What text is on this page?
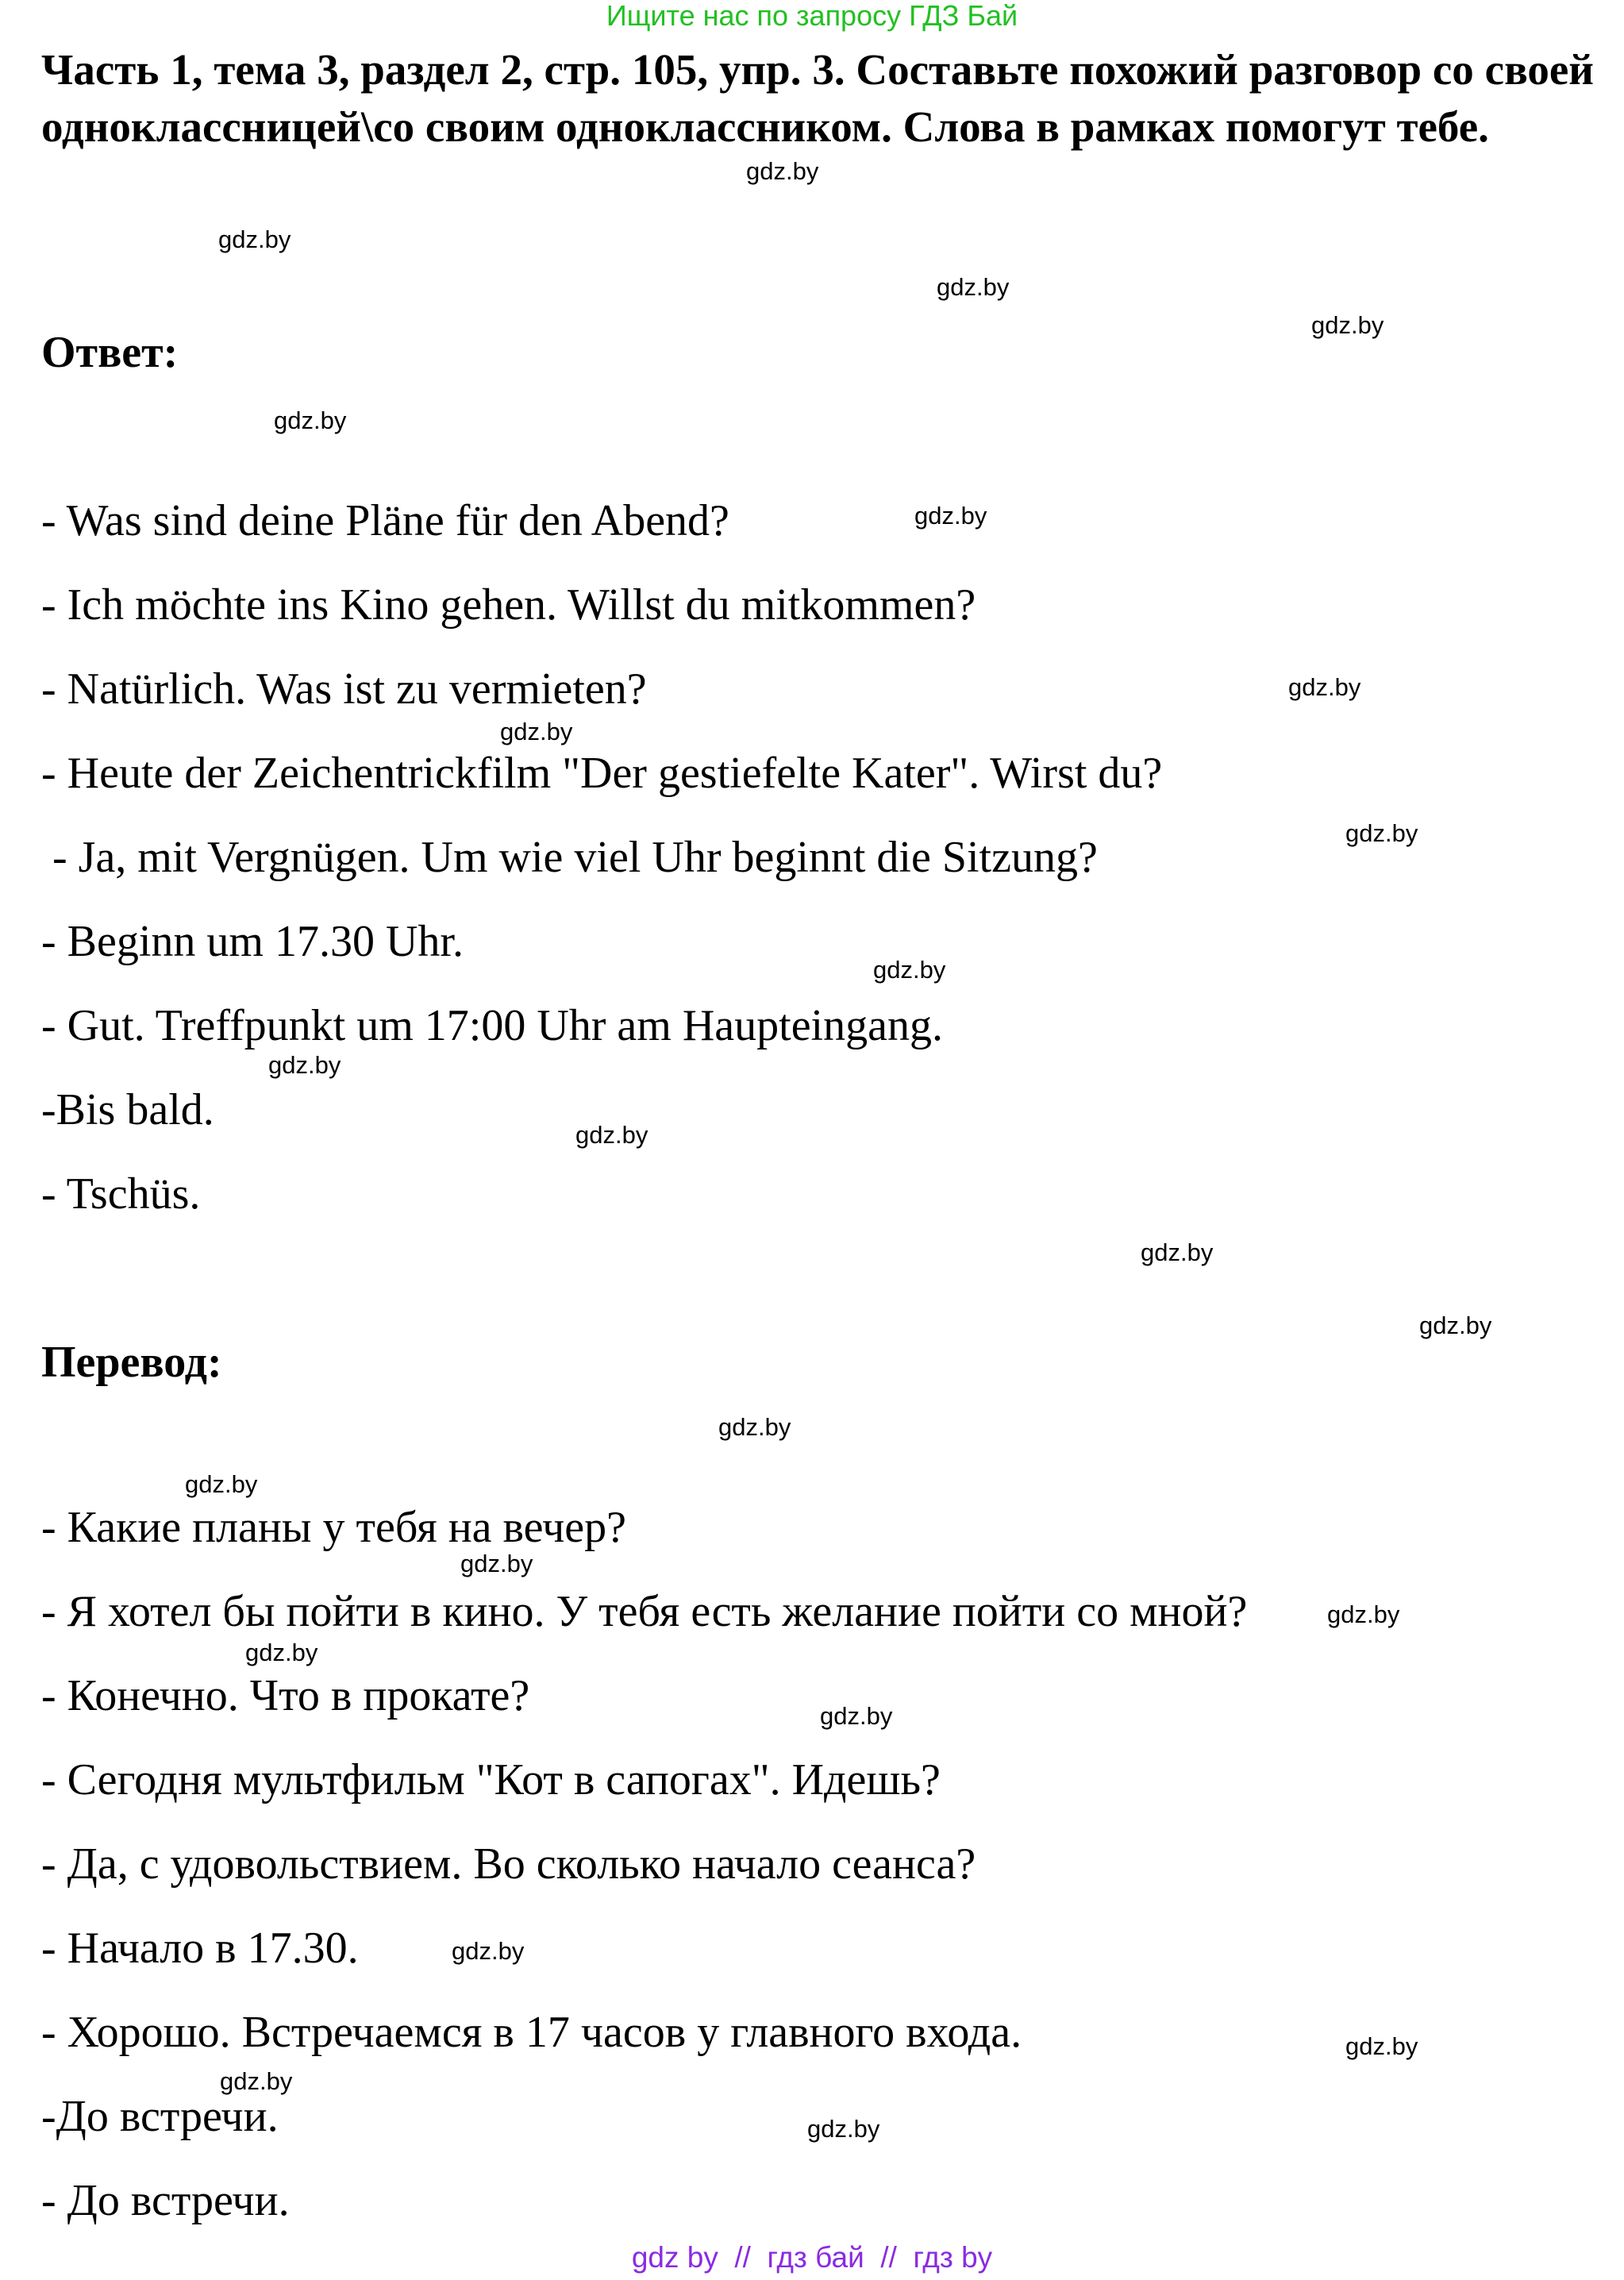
Ищите нас по запросу ГДЗ Бай
Часть 1, тема 3, раздел 2, стр. 105, упр. 3. Составьте похожий разговор со своей одноклассницей\со своим одноклассником. Слова в рамках помогут тебе.
Ответ:
- Was sind deine Pläne für den Abend?
- Ich möchte ins Kino gehen. Willst du mitkommen?
- Natürlich. Was ist zu vermieten?
- Heute der Zeichentrickfilm "Der gestiefelte Kater". Wirst du?
- Ja, mit Vergnügen. Um wie viel Uhr beginnt die Sitzung?
- Beginn um 17.30 Uhr.
- Gut. Treffpunkt um 17:00 Uhr am Haupteingang.
-Bis bald.
- Tschüs.
Перевод:
- Какие планы у тебя на вечер?
- Я хотел бы пойти в кино. У тебя есть желание пойти со мной?
- Конечно. Что в прокате?
- Сегодня мультфильм "Кот в сапогах". Идешь?
- Да, с удовольствием. Во сколько начало сеанса?
- Начало в 17.30.
- Хорошо. Встречаемся в 17 часов у главного входа.
-До встречи.
- До встречи.
gdz.by
gdz.by
gdz.by
gdz.by
gdz.by
gdz.by
gdz.by
gdz.by
gdz.by
gdz.by
gdz.by
gdz.by
gdz.by
gdz.by
gdz.by
gdz.by
gdz.by
gdz.by
gdz.by
gdz.by
gdz.by
gdz.by
gdz.by
gdz.by
gdz by  //  гдз бай  //  гдз by
